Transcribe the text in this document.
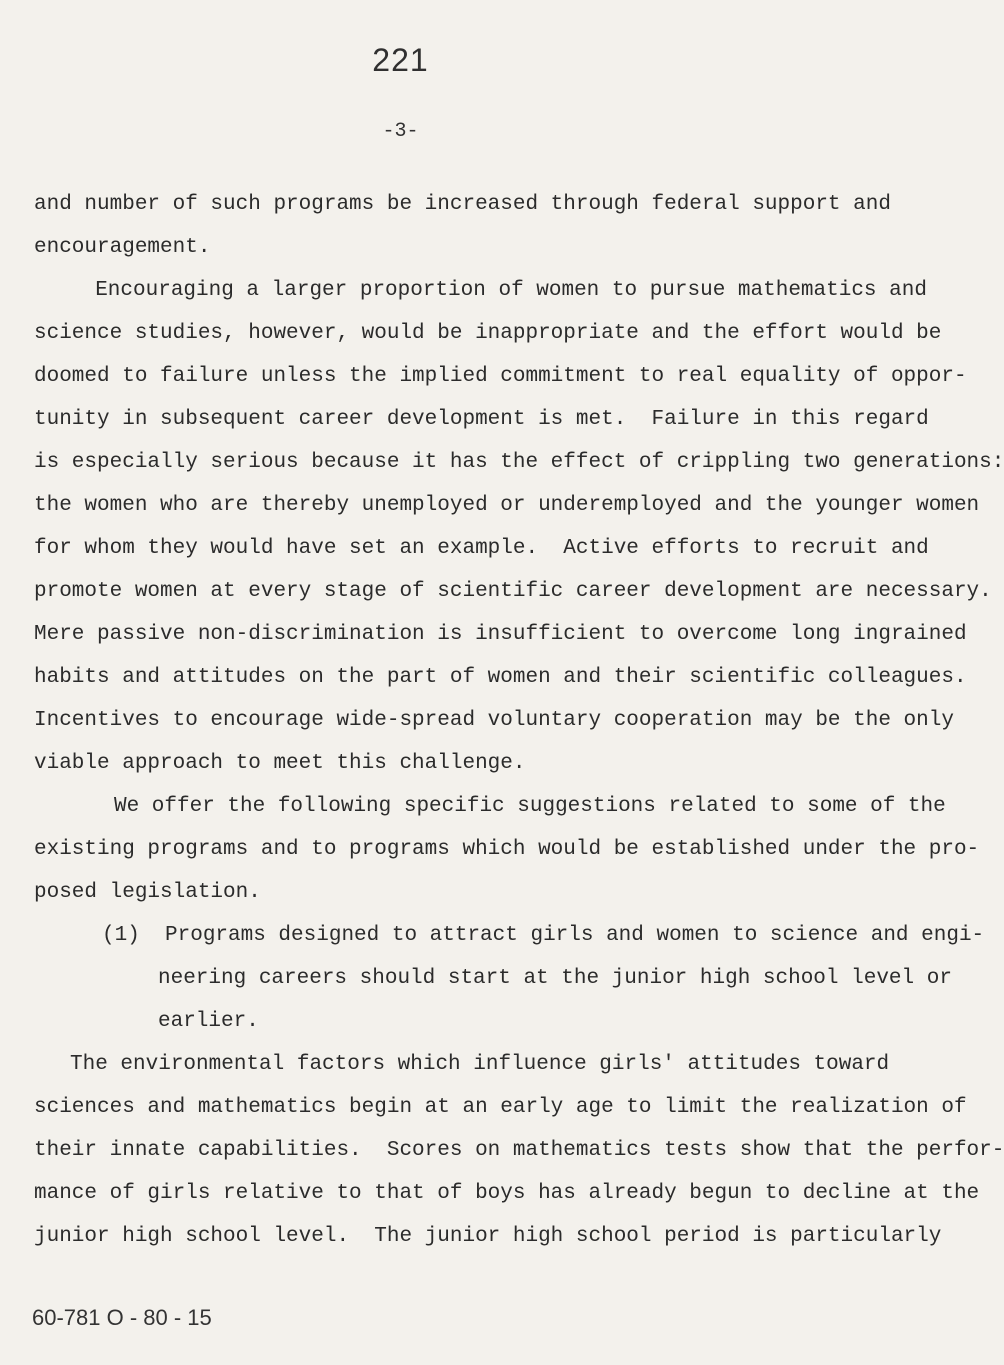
221
-3-
and number of such programs be increased through federal support and
encouragement.
Encouraging a larger proportion of women to pursue mathematics and
science studies, however, would be inappropriate and the effort would be
doomed to failure unless the implied commitment to real equality of oppor-
tunity in subsequent career development is met.  Failure in this regard
is especially serious because it has the effect of crippling two generations:
the women who are thereby unemployed or underemployed and the younger women
for whom they would have set an example.  Active efforts to recruit and
promote women at every stage of scientific career development are necessary.
Mere passive non-discrimination is insufficient to overcome long ingrained
habits and attitudes on the part of women and their scientific colleagues.
Incentives to encourage wide-spread voluntary cooperation may be the only
viable approach to meet this challenge.
We offer the following specific suggestions related to some of the
existing programs and to programs which would be established under the pro-
posed legislation.
(1)  Programs designed to attract girls and women to science and engi-
neering careers should start at the junior high school level or
earlier.
The environmental factors which influence girls' attitudes toward
sciences and mathematics begin at an early age to limit the realization of
their innate capabilities.  Scores on mathematics tests show that the perfor-
mance of girls relative to that of boys has already begun to decline at the
junior high school level.  The junior high school period is particularly
60-781 O - 80 - 15
